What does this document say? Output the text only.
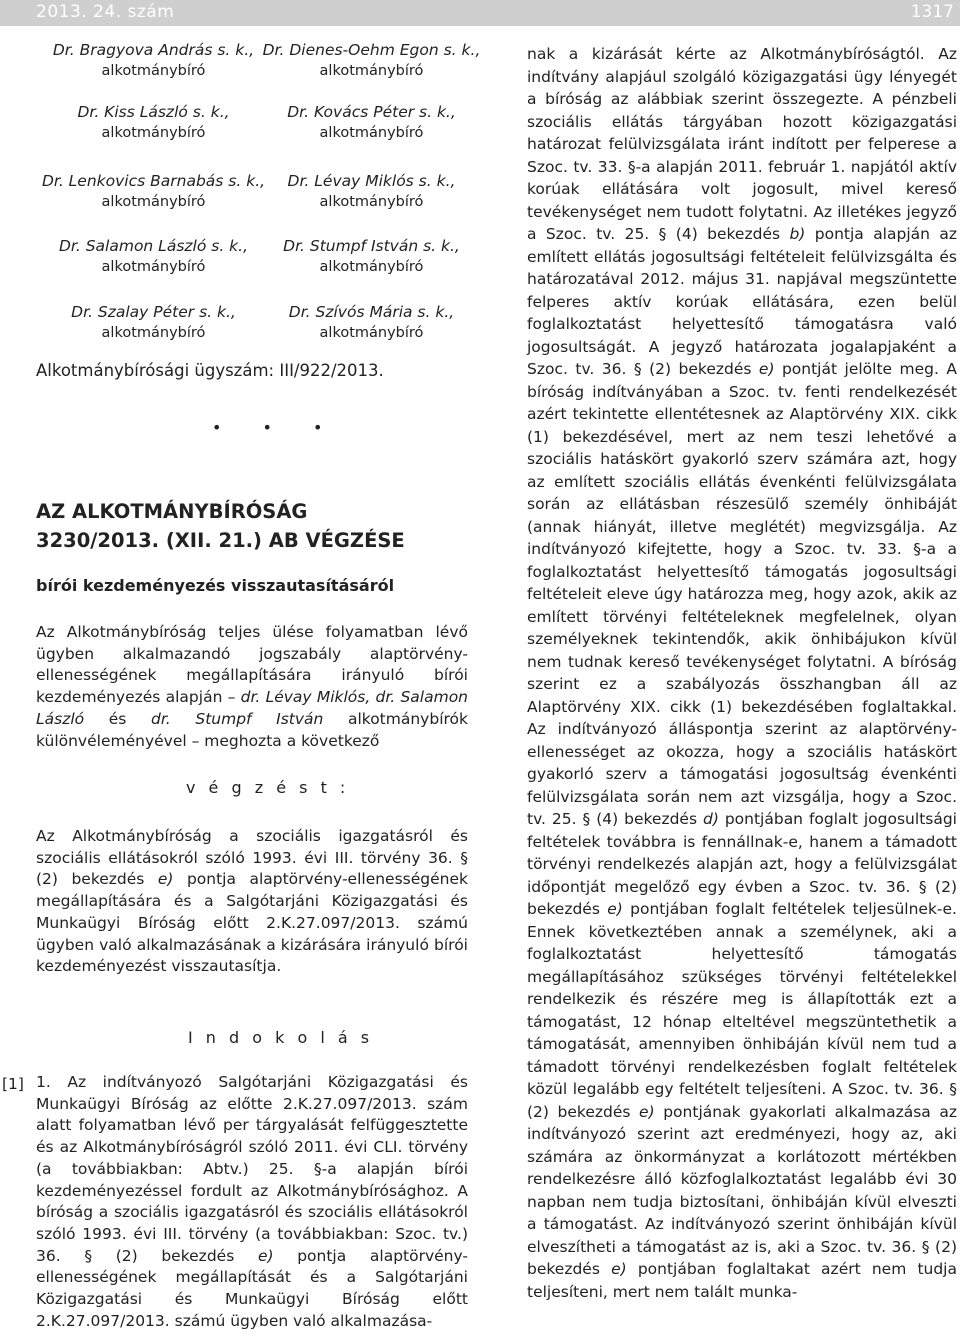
2013. 24. szám	1317
Dr. Bragyova András s. k.,
alkotmánybíró
Dr. Dienes-Oehm Egon s. k.,
alkotmánybíró
Dr. Kiss László s. k.,
alkotmánybíró
Dr. Kovács Péter s. k.,
alkotmánybíró
Dr. Lenkovics Barnabás s. k.,
alkotmánybíró
Dr. Lévay Miklós s. k.,
alkotmánybíró
Dr. Salamon László s. k.,
alkotmánybíró
Dr. Stumpf István s. k.,
alkotmánybíró
Dr. Szalay Péter s. k.,
alkotmánybíró
Dr. Szívós Mária s. k.,
alkotmánybíró
Alkotmánybírósági ügyszám: III/922/2013.
• • •
AZ ALKOTMÁNYBÍRÓSÁG
3230/2013. (XII. 21.) AB VÉGZÉSE
bírói kezdeményezés visszautasításáról
Az Alkotmánybíróság teljes ülése folyamatban lévő ügyben alkalmazandó jogszabály alaptörvény-ellenességének megállapítására irányuló bírói kezdeményezés alapján – dr. Lévay Miklós, dr. Salamon László és dr. Stumpf István alkotmánybírók különvéleményével – meghozta a következő
v é g z é s t :
Az Alkotmánybíróság a szociális igazgatásról és szociális ellátásokról szóló 1993. évi III. törvény 36. § (2) bekezdés e) pontja alaptörvény-ellenességének megállapítására és a Salgótarjáni Közigazgatási és Munkaügyi Bíróság előtt 2.K.27.097/2013. számú ügyben való alkalmazásának a kizárására irányuló bírói kezdeményezést visszautasítja.
I n d o k o l á s
[1] 1. Az indítványozó Salgótarjáni Közigazgatási és Munkaügyi Bíróság az előtte 2.K.27.097/2013. szám alatt folyamatban lévő per tárgyalását felfüggesztette és az Alkotmánybíróságról szóló 2011. évi CLI. törvény (a továbbiakban: Abtv.) 25. §-a alapján bírói kezdeményezéssel fordult az Alkotmánybírósághoz. A bíróság a szociális igazgatásról és szociális ellátásokról szóló 1993. évi III. törvény (a továbbiakban: Szoc. tv.) 36. § (2) bekezdés e) pontja alaptörvény-ellenességének megállapítását és a Salgótarjáni Közigazgatási és Munkaügyi Bíróság előtt 2.K.27.097/2013. számú ügyben való alkalmazása-
nak a kizárását kérte az Alkotmánybíróságtól. Az indítvány alapjául szolgáló közigazgatási ügy lényegét a bíróság az alábbiak szerint összegezte. A pénzbeli szociális ellátás tárgyában hozott közigazgatási határozat felülvizsgálata iránt indított per felperese a Szoc. tv. 33. §-a alapján 2011. február 1. napjától aktív korúak ellátására volt jogosult, mivel kereső tevékenységet nem tudott folytatni. Az illetékes jegyző a Szoc. tv. 25. § (4) bekezdés b) pontja alapján az említett ellátás jogosultsági feltételeit felülvizsgálta és határozatával 2012. május 31. napjával megszüntette felperes aktív korúak ellátására, ezen belül foglalkoztatást helyettesítő támogatásra való jogosultságát. A jegyző határozata jogalapjaként a Szoc. tv. 36. § (2) bekezdés e) pontját jelölte meg. A bíróság indítványában a Szoc. tv. fenti rendelkezését azért tekintette ellentétesnek az Alaptörvény XIX. cikk (1) bekezdésével, mert az nem teszi lehetővé a szociális hatáskört gyakorló szerv számára azt, hogy az említett szociális ellátás évenkénti felülvizsgálata során az ellátásban részesülő személy önhibáját (annak hiányát, illetve meglétét) megvizsgálja. Az indítványozó kifejtette, hogy a Szoc. tv. 33. §-a a foglalkoztatást helyettesítő támogatás jogosultsági feltételeit eleve úgy határozza meg, hogy azok, akik az említett törvényi feltételeknek megfelelnek, olyan személyeknek tekintendők, akik önhibájukon kívül nem tudnak kereső tevékenységet folytatni. A bíróság szerint ez a szabályozás összhangban áll az Alaptörvény XIX. cikk (1) bekezdésében foglaltakkal. Az indítványozó álláspontja szerint az alaptörvény-ellenességet az okozza, hogy a szociális hatáskört gyakorló szerv a támogatási jogosultság évenkénti felülvizsgálata során nem azt vizsgálja, hogy a Szoc. tv. 25. § (4) bekezdés d) pontjában foglalt jogosultsági feltételek továbbra is fennállnak-e, hanem a támadott törvényi rendelkezés alapján azt, hogy a felülvizsgálat időpontját megelőző egy évben a Szoc. tv. 36. § (2) bekezdés e) pontjában foglalt feltételek teljesülnek-e. Ennek következtében annak a személynek, aki a foglalkoztatást helyettesítő támogatás megállapításához szükséges törvényi feltételekkel rendelkezik és részére meg is állapították ezt a támogatást, 12 hónap elteltével megszüntethetik a támogatását, amennyiben önhibáján kívül nem tud a támadott törvényi rendelkezésben foglalt feltételek közül legalább egy feltételt teljesíteni. A Szoc. tv. 36. § (2) bekezdés e) pontjának gyakorlati alkalmazása az indítványozó szerint azt eredményezi, hogy az, aki számára az önkormányzat a korlátozott mértékben rendelkezésre álló közfoglalkoztatást legalább évi 30 napban nem tudja biztosítani, önhibáján kívül elveszti a támogatást. Az indítványozó szerint önhibáján kívül elveszítheti a támogatást az is, aki a Szoc. tv. 36. § (2) bekezdés e) pontjában foglaltakat azért nem tudja teljesíteni, mert nem talált munka-
